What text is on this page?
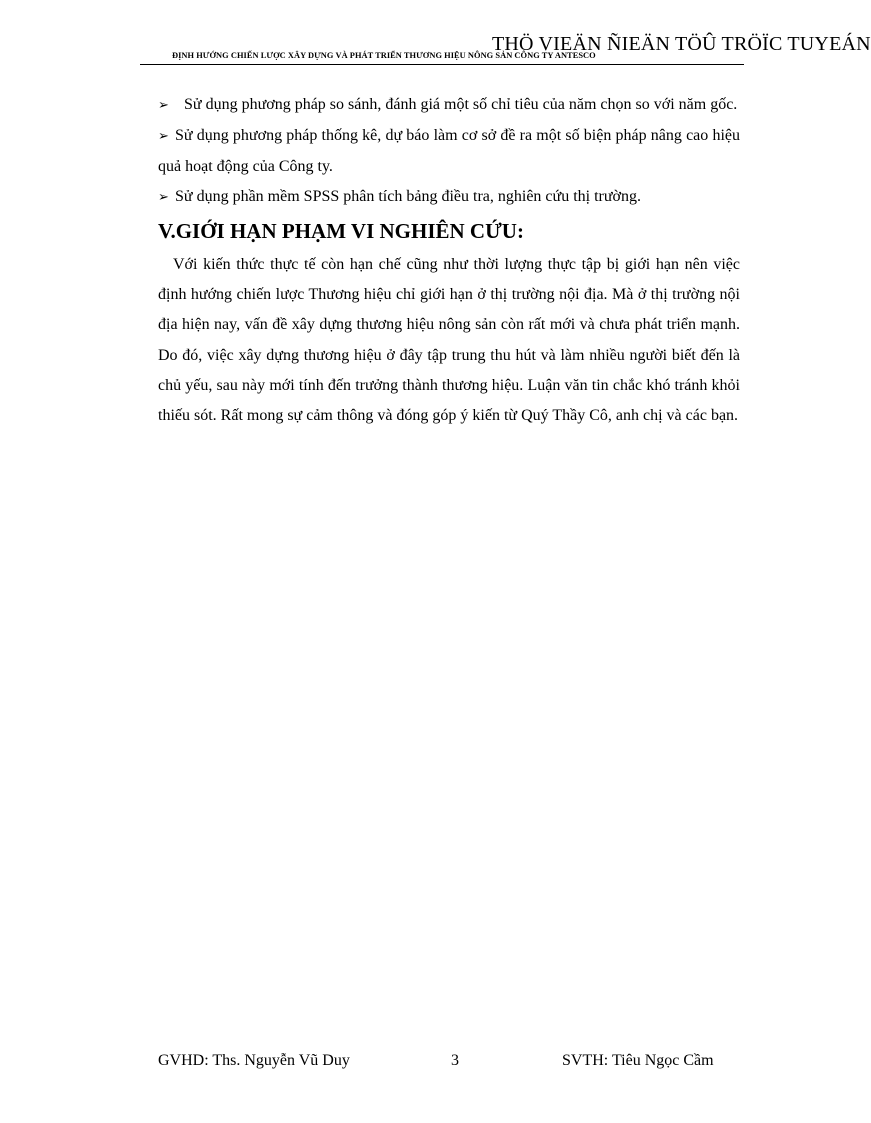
THÖ VIEÄN ÑIEÄN TÖÛ TRÖÏC TUYEÁN
ĐỊNH HƯỚNG CHIẾN LƯỢC XÂY DỰNG VÀ PHÁT TRIỂN THƯƠNG HIỆU NÔNG SẢN CÔNG TY ANTESCO
➢ Sử dụng phương pháp so sánh, đánh giá một số chỉ tiêu của năm chọn so với năm gốc.
➢ Sử dụng phương pháp thống kê, dự báo làm cơ sở đề ra một số biện pháp nâng cao hiệu quả hoạt động của Công ty.
➢ Sử dụng phần mềm SPSS phân tích bảng điều tra, nghiên cứu thị trường.
V.GIỚI HẠN PHẠM VI NGHIÊN CỨU:
Với kiến thức thực tế còn hạn chế cũng như thời lượng thực tập bị giới hạn nên việc định hướng chiến lược Thương hiệu chỉ giới hạn ở thị trường nội địa. Mà ở thị trường nội địa hiện nay, vấn đề xây dựng thương hiệu nông sản còn rất mới và chưa phát triển mạnh. Do đó, việc xây dựng thương hiệu ở đây tập trung thu hút và làm nhiều người biết đến là chủ yếu, sau này mới tính đến trưởng thành thương hiệu. Luận văn tin chắc khó tránh khỏi thiếu sót. Rất mong sự cảm thông và đóng góp ý kiến từ Quý Thầy Cô, anh chị và các bạn.
GVHD: Ths. Nguyễn Vũ Duy	3	SVTH: Tiêu Ngọc Cầm
